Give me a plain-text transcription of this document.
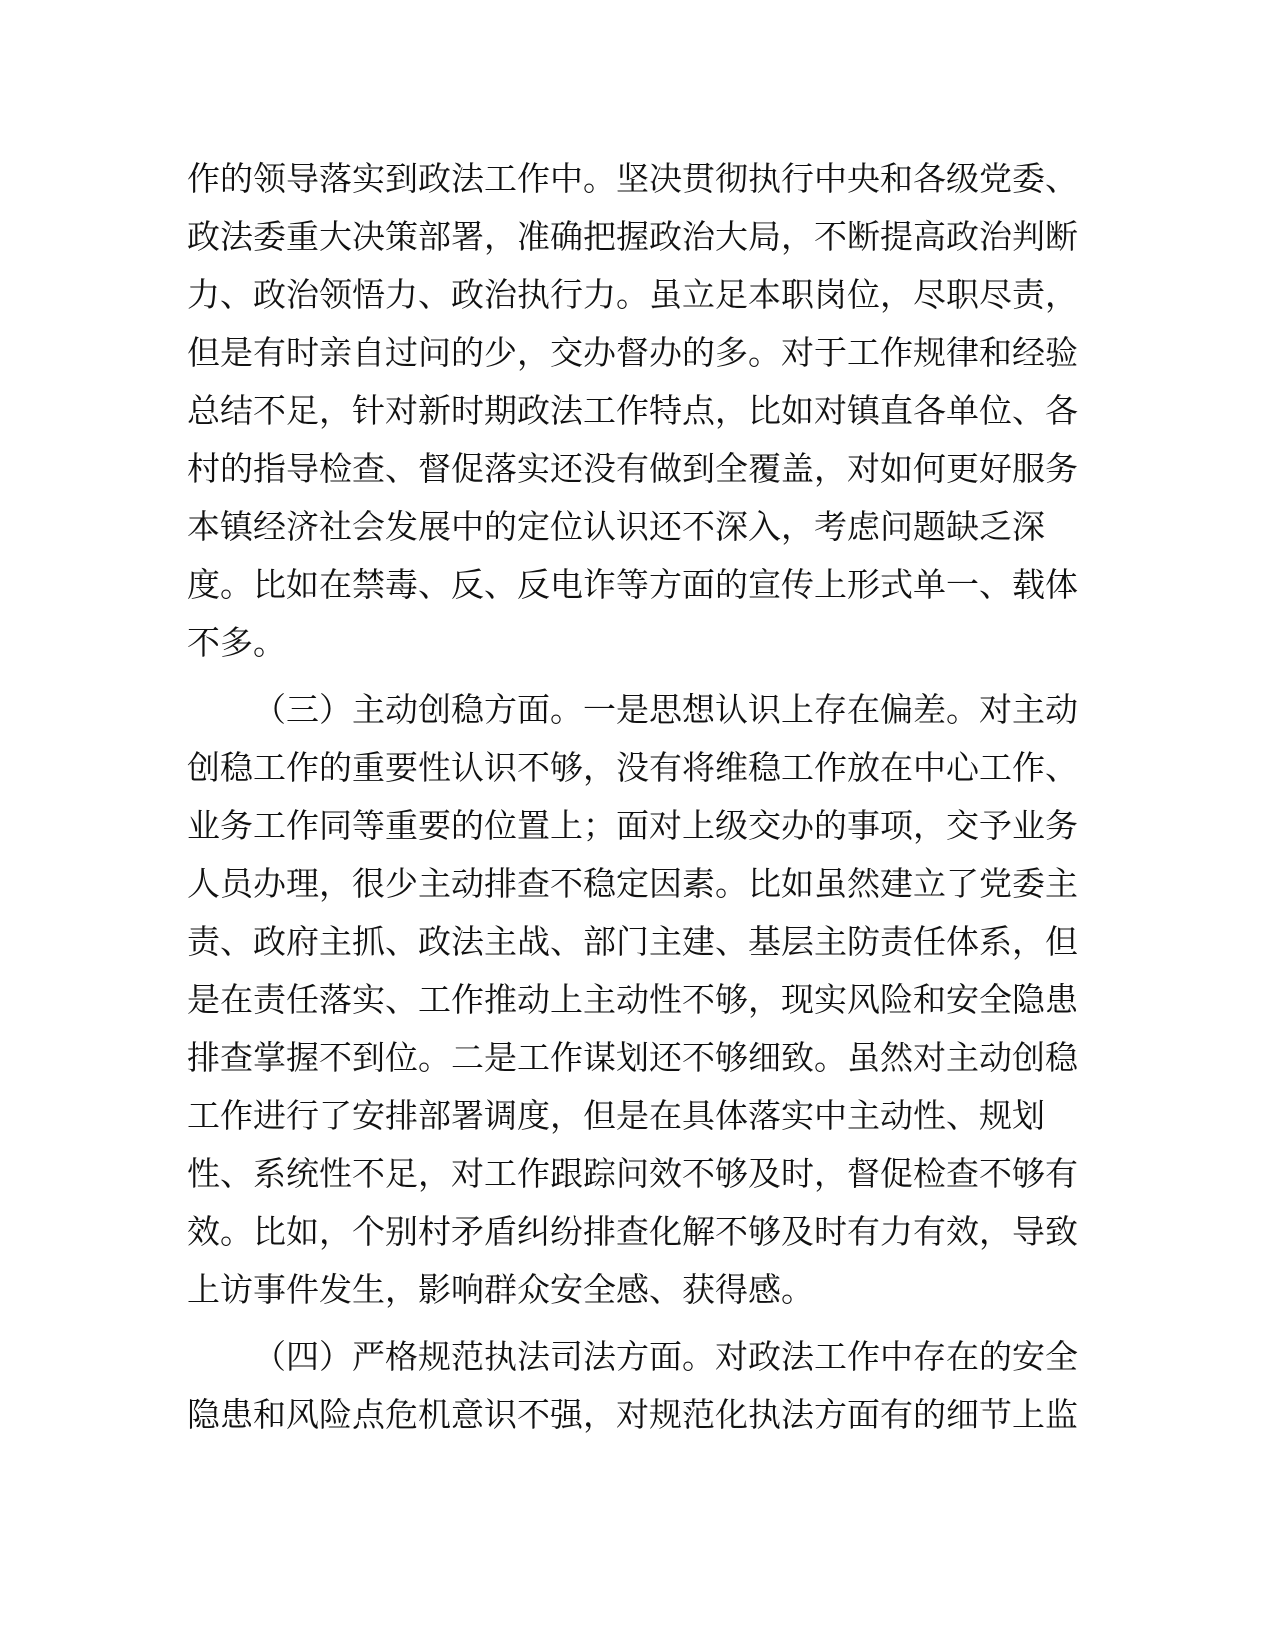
作的领导落实到政法工作中。坚决贯彻执行中央和各级党委、
政法委重大决策部署，准确把握政治大局，不断提高政治判断
力、政治领悟力、政治执行力。虽立足本职岗位，尽职尽责，
但是有时亲自过问的少，交办督办的多。对于工作规律和经验
总结不足，针对新时期政法工作特点，比如对镇直各单位、各
村的指导检查、督促落实还没有做到全覆盖，对如何更好服务
本镇经济社会发展中的定位认识还不深入，考虑问题缺乏深
度。比如在禁毒、反、反电诈等方面的宣传上形式单一、载体
不多。
（三）主动创稳方面。一是思想认识上存在偏差。对主动
创稳工作的重要性认识不够，没有将维稳工作放在中心工作、
业务工作同等重要的位置上；面对上级交办的事项，交予业务
人员办理，很少主动排查不稳定因素。比如虽然建立了党委主
责、政府主抓、政法主战、部门主建、基层主防责任体系，但
是在责任落实、工作推动上主动性不够，现实风险和安全隐患
排查掌握不到位。二是工作谋划还不够细致。虽然对主动创稳
工作进行了安排部署调度，但是在具体落实中主动性、规划
性、系统性不足，对工作跟踪问效不够及时，督促检查不够有
效。比如，个别村矛盾纠纷排查化解不够及时有力有效，导致
上访事件发生，影响群众安全感、获得感。
（四）严格规范执法司法方面。对政法工作中存在的安全
隐患和风险点危机意识不强，对规范化执法方面有的细节上监
